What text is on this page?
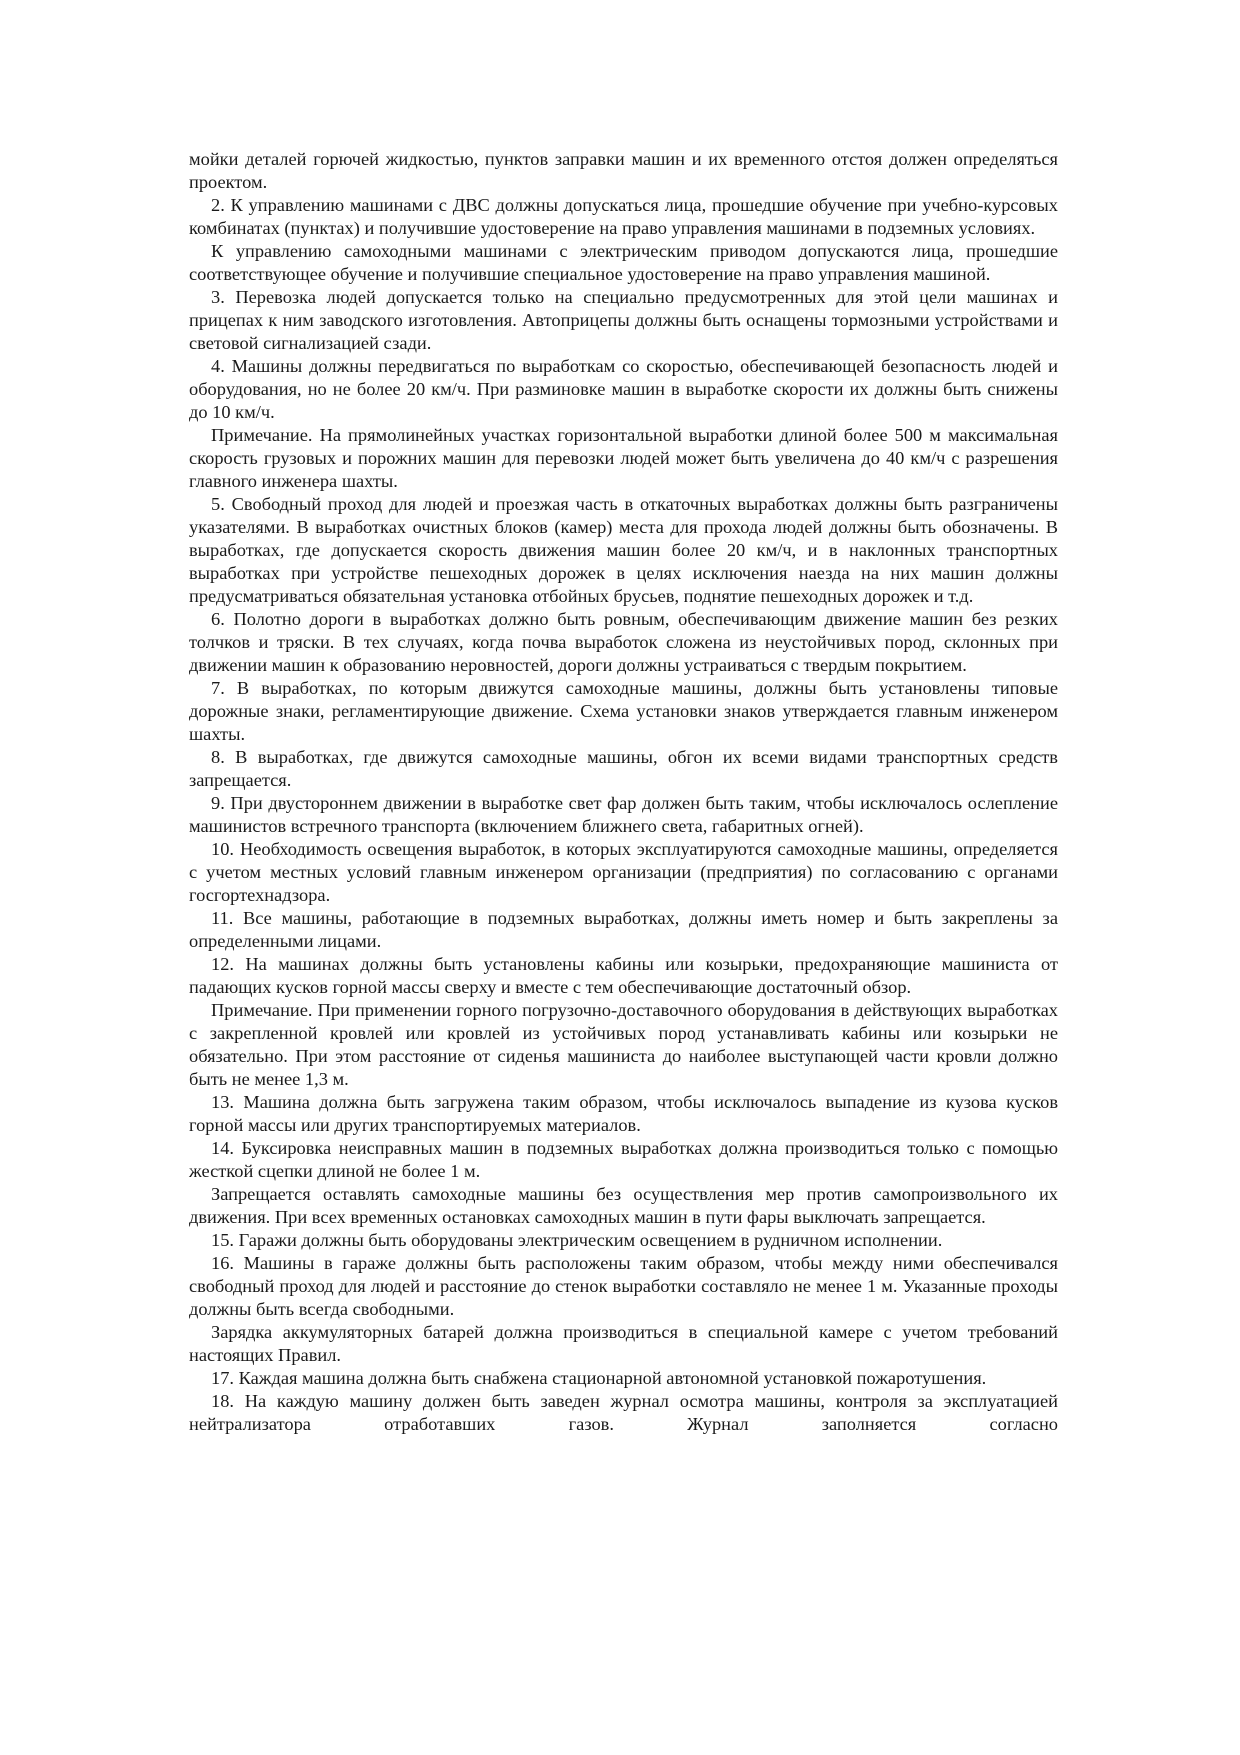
мойки деталей горючей жидкостью, пунктов заправки машин и их временного отстоя должен определяться проектом.

2. К управлению машинами с ДВС должны допускаться лица, прошедшие обучение при учебно-курсовых комбинатах (пунктах) и получившие удостоверение на право управления машинами в подземных условиях.

К управлению самоходными машинами с электрическим приводом допускаются лица, прошедшие соответствующее обучение и получившие специальное удостоверение на право управления машиной.

3. Перевозка людей допускается только на специально предусмотренных для этой цели машинах и прицепах к ним заводского изготовления. Автоприцепы должны быть оснащены тормозными устройствами и световой сигнализацией сзади.

4. Машины должны передвигаться по выработкам со скоростью, обеспечивающей безопасность людей и оборудования, но не более 20 км/ч. При разминовке машин в выработке скорости их должны быть снижены до 10 км/ч.

Примечание. На прямолинейных участках горизонтальной выработки длиной более 500 м максимальная скорость грузовых и порожних машин для перевозки людей может быть увеличена до 40 км/ч с разрешения главного инженера шахты.

5. Свободный проход для людей и проезжая часть в откаточных выработках должны быть разграничены указателями. В выработках очистных блоков (камер) места для прохода людей должны быть обозначены. В выработках, где допускается скорость движения машин более 20 км/ч, и в наклонных транспортных выработках при устройстве пешеходных дорожек в целях исключения наезда на них машин должны предусматриваться обязательная установка отбойных брусьев, поднятие пешеходных дорожек и т.д.

6. Полотно дороги в выработках должно быть ровным, обеспечивающим движение машин без резких толчков и тряски. В тех случаях, когда почва выработок сложена из неустойчивых пород, склонных при движении машин к образованию неровностей, дороги должны устраиваться с твердым покрытием.

7. В выработках, по которым движутся самоходные машины, должны быть установлены типовые дорожные знаки, регламентирующие движение. Схема установки знаков утверждается главным инженером шахты.

8. В выработках, где движутся самоходные машины, обгон их всеми видами транспортных средств запрещается.

9. При двустороннем движении в выработке свет фар должен быть таким, чтобы исключалось ослепление машинистов встречного транспорта (включением ближнего света, габаритных огней).

10. Необходимость освещения выработок, в которых эксплуатируются самоходные машины, определяется с учетом местных условий главным инженером организации (предприятия) по согласованию с органами госгортехнадзора.

11. Все машины, работающие в подземных выработках, должны иметь номер и быть закреплены за определенными лицами.

12. На машинах должны быть установлены кабины или козырьки, предохраняющие машиниста от падающих кусков горной массы сверху и вместе с тем обеспечивающие достаточный обзор.

Примечание. При применении горного погрузочно-доставочного оборудования в действующих выработках с закрепленной кровлей или кровлей из устойчивых пород устанавливать кабины или козырьки не обязательно. При этом расстояние от сиденья машиниста до наиболее выступающей части кровли должно быть не менее 1,3 м.

13. Машина должна быть загружена таким образом, чтобы исключалось выпадение из кузова кусков горной массы или других транспортируемых материалов.

14. Буксировка неисправных машин в подземных выработках должна производиться только с помощью жесткой сцепки длиной не более 1 м.

Запрещается оставлять самоходные машины без осуществления мер против самопроизвольного их движения. При всех временных остановках самоходных машин в пути фары выключать запрещается.

15. Гаражи должны быть оборудованы электрическим освещением в рудничном исполнении.

16. Машины в гараже должны быть расположены таким образом, чтобы между ними обеспечивался свободный проход для людей и расстояние до стенок выработки составляло не менее 1 м. Указанные проходы должны быть всегда свободными.

Зарядка аккумуляторных батарей должна производиться в специальной камере с учетом требований настоящих Правил.

17. Каждая машина должна быть снабжена стационарной автономной установкой пожаротушения.

18. На каждую машину должен быть заведен журнал осмотра машины, контроля за эксплуатацией нейтрализатора отработавших газов. Журнал заполняется согласно
